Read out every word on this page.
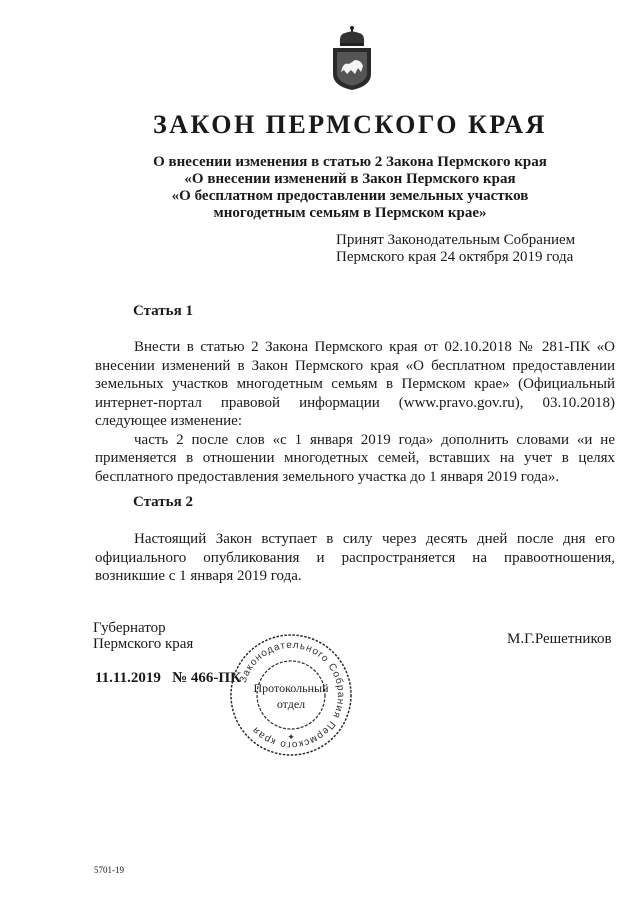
ЗАКОН ПЕРМСКОГО КРАЯ
О внесении изменения в статью 2 Закона Пермского края
«О внесении изменений в Закон Пермского края
«О бесплатном предоставлении земельных участков
многодетным семьям в Пермском крае»
Принят Законодательным Собранием
Пермского края 24 октября 2019 года
Статья 1

Внести в статью 2 Закона Пермского края от 02.10.2018 № 281-ПК «О внесении изменений в Закон Пермского края «О бесплатном предоставлении земельных участков многодетным семьям в Пермском крае» (Официальный интернет-портал правовой информации (www.pravo.gov.ru), 03.10.2018) следующее изменение:

часть 2 после слов «с 1 января 2019 года» дополнить словами «и не применяется в отношении многодетных семей, вставших на учет в целях бесплатного предоставления земельного участка до 1 января 2019 года».

Статья 2

Настоящий Закон вступает в силу через десять дней после дня его официального опубликования и распространяется на правоотношения, возникшие с 1 января 2019 года.

Губернатор
Пермского края	М.Г.Решетников
11.11.2019   № 466-ПК
Законодательного Собрания Пермского края
Протокольный
отдел
✦
5701-19
